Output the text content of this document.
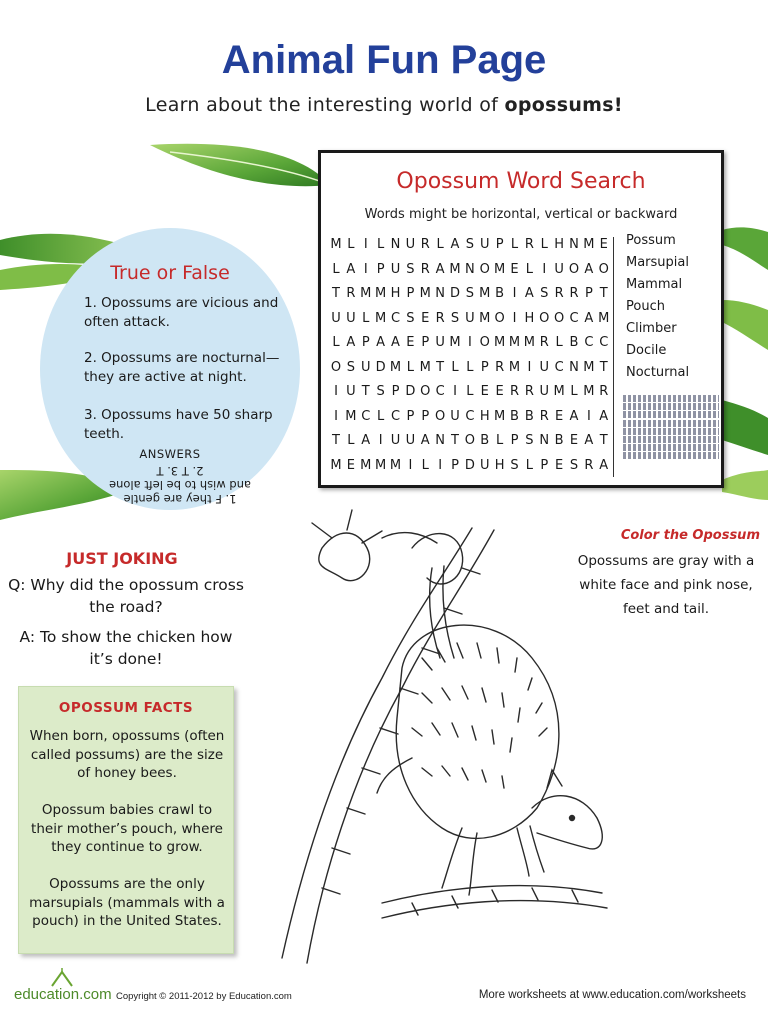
Animal Fun Page
Learn about the interesting world of opossums!
Opossum Word Search
Words might be horizontal, vertical or backward
M L I L N U R L A S U P L R L H N M E
L A I P U S R A M N O M E L I U O A O
T R M M H P M N D S M B I A S R R P T
U U L M C S E R S U M O I H O O C A M
L A P A A E P U M I O M M M R L B C C
O S U D M L M T L L P R M I U C N M T
I U T S P D O C I L E E R R U M L M R
I M C L C P P O U C H M B B R E A I A
T L A I U U A N T O B L P S N B E A T
M E M M M I L I P D U H S L P E S R A
Possum
Marsupial
Mammal
Pouch
Climber
Docile
Nocturnal
True or False
1. Opossums are vicious and often attack.
2. Opossums are nocturnal— they are active at night.
3. Opossums have 50 sharp teeth.
ANSWERS
1. F they are gentle
and wish to be left alone
2. T 3. T
JUST JOKING
Q: Why did the opossum cross the road?
A: To show the chicken how it’s done!
OPOSSUM FACTS
When born, opossums (often called possums) are the size of honey bees.
Opossum babies crawl to their mother’s pouch, where they continue to grow.
Opossums are the only marsupials (mammals with a pouch) in the United States.
Color the Opossum
Opossums are gray with a white face and pink nose, feet and tail.
education.com Copyright © 2011-2012 by Education.com	More worksheets at www.education.com/worksheets
